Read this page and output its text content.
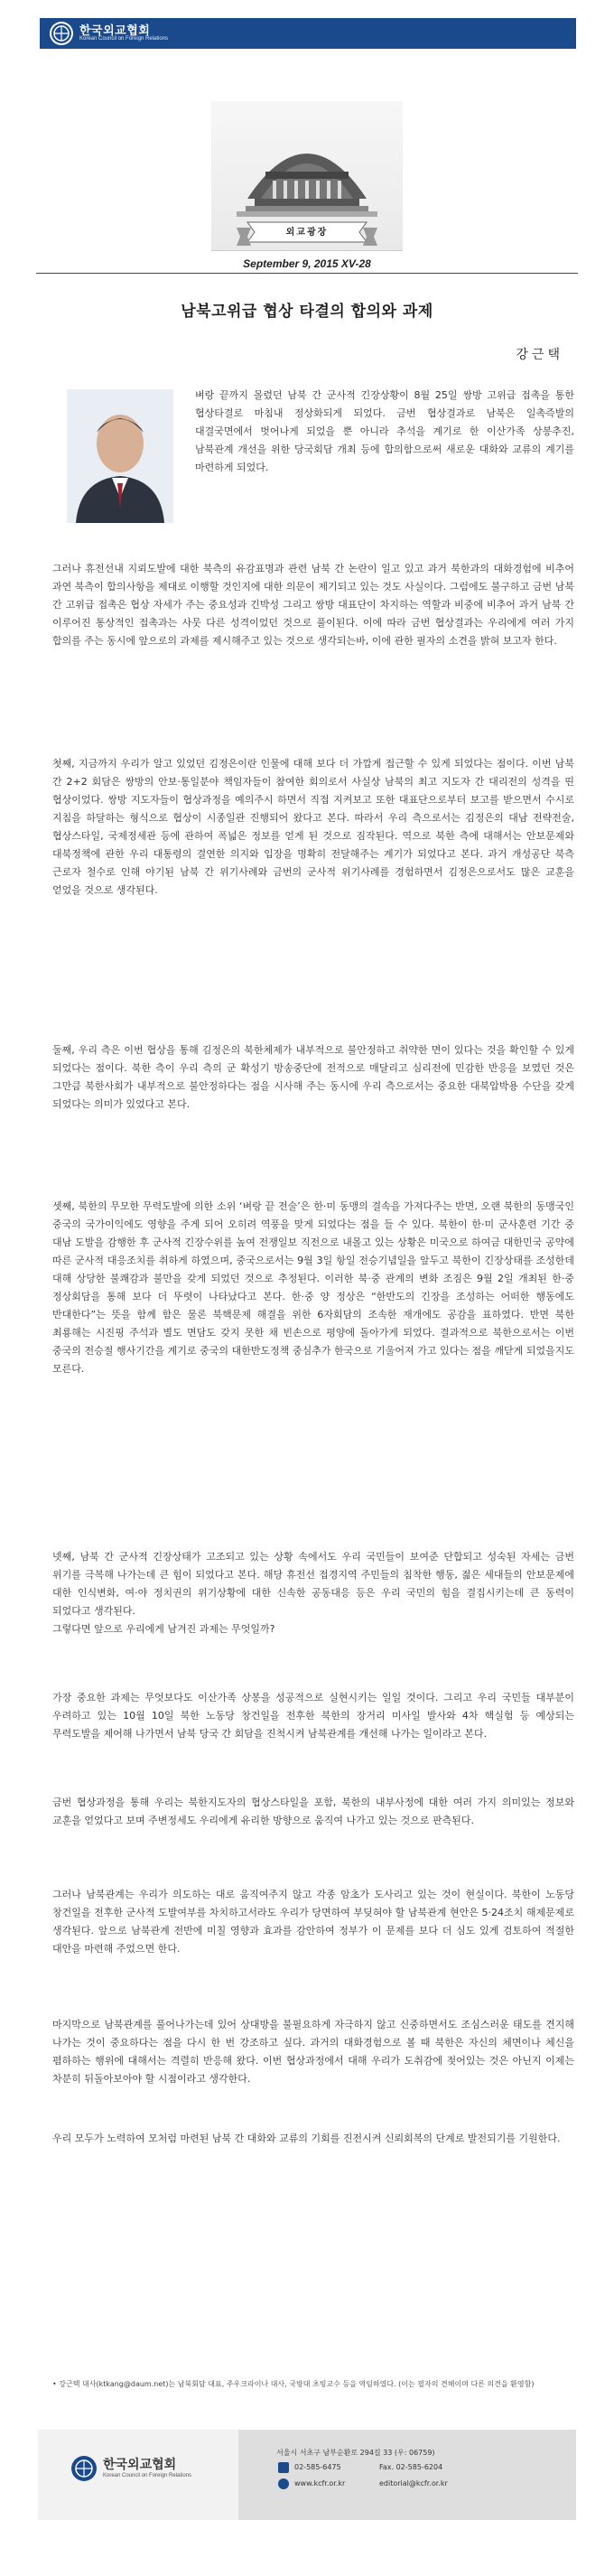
한국외교협회
Korean Council on Foreign Relations
외교광장
September 9, 2015 XV-28
남북고위급 협상 타결의 합의와 과제
강근택
벼랑 끝까지 몰렸던 남북 간 군사적 긴장상황이 8월 25일 쌍방 고위급 접촉을 통한 협상타결로 마침내 정상화되게 되었다. 금번 협상결과로 남북은 일촉즉발의 대결국면에서 벗어나게 되었을 뿐 아니라 추석을 계기로 한 이산가족 상봉추진, 남북관계 개선을 위한 당국회담 개최 등에 합의함으로써 새로운 대화와 교류의 계기를 마련하게 되었다.
그러나 휴전선내 지뢰도발에 대한 북측의 유감표명과 관련 남북 간 논란이 일고 있고 과거 북한과의 대화경험에 비추어 과연 북측이 합의사항을 제대로 이행할 것인지에 대한 의문이 제기되고 있는 것도 사실이다. 그럼에도 불구하고 금번 남북 간 고위급 접촉은 협상 자세가 주는 중요성과 긴박성 그리고 쌍방 대표단이 차지하는 역할과 비중에 비추어 과거 남북 간 이루어진 통상적인 접촉과는 사뭇 다른 성격이었던 것으로 풀이된다. 이에 따라 금번 협상결과는 우리에게 여러 가지 합의를 주는 동시에 앞으로의 과제를 제시해주고 있는 것으로 생각되는바, 이에 관한 필자의 소견을 밝혀 보고자 한다.
첫째, 지금까지 우리가 알고 있었던 김정은이란 인물에 대해 보다 더 가깝게 접근할 수 있게 되었다는 점이다. 이번 남북 간 2+2 회담은 쌍방의 안보·통일분야 책임자들이 참여한 회의로서 사실상 남북의 최고 지도자 간 대리전의 성격을 띤 협상이었다. 쌍방 지도자들이 협상과정을 예의주시 하면서 직접 지켜보고 또한 대표단으로부터 보고를 받으면서 수시로 지침을 하달하는 형식으로 협상이 시종일관 진행되어 왔다고 본다. 따라서 우리 측으로서는 김정은의 대남 전략전술, 협상스타일, 국제정세관 등에 관하여 폭넓은 정보를 얻게 된 것으로 짐작된다. 역으로 북한 측에 대해서는 안보문제와 대북정책에 관한 우리 대통령의 결연한 의지와 입장을 명확히 전달해주는 계기가 되었다고 본다. 과거 개성공단 북측 근로자 철수로 인해 야기된 남북 간 위기사례와 금번의 군사적 위기사례를 경험하면서 김정은으로서도 많은 교훈을 얻었을 것으로 생각된다.
둘째, 우리 측은 이번 협상을 통해 김정은의 북한체제가 내부적으로 불안정하고 취약한 면이 있다는 것을 확인할 수 있게 되었다는 점이다. 북한 측이 우리 측의 군 확성기 방송중단에 전적으로 매달리고 심리전에 민감한 반응을 보였던 것은 그만큼 북한사회가 내부적으로 불안정하다는 점을 시사해 주는 동시에 우리 측으로서는 중요한 대북압박용 수단을 갖게 되었다는 의미가 있었다고 본다.
셋째, 북한의 무모한 무력도발에 의한 소위 ‘벼랑 끝 전술’은 한·미 동맹의 결속을 가져다주는 반면, 오랜 북한의 동맹국인 중국의 국가이익에도 영향을 주게 되어 오히려 역풍을 맞게 되었다는 점을 들 수 있다. 북한이 한·미 군사훈련 기간 중 대남 도발을 감행한 후 군사적 긴장수위를 높여 전쟁일보 직전으로 내몰고 있는 상황은 미국으로 하여금 대한민국 공약에 따른 군사적 대응조치를 취하게 하였으며, 중국으로서는 9월 3일 항일 전승기념일을 앞두고 북한이 긴장상태를 조성한데 대해 상당한 불쾌감과 불만을 갖게 되었던 것으로 추정된다. 이러한 북·중 관계의 변화 조짐은 9월 2일 개최된 한·중 정상회담을 통해 보다 더 뚜렷이 나타났다고 본다. 한·중 양 정상은 “한반도의 긴장을 조성하는 어떠한 행동에도 반대한다”는 뜻을 함께 함은 물론 북핵문제 해결을 위한 6자회담의 조속한 재개에도 공감을 표하였다. 반면 북한 최룡해는 시진핑 주석과 별도 면담도 갖지 못한 채 빈손으로 평양에 돌아가게 되었다. 결과적으로 북한으로서는 이번 중국의 전승절 행사기간을 계기로 중국의 대한반도정책 중심추가 한국으로 기울어져 가고 있다는 점을 깨닫게 되었을지도 모른다.
넷째, 남북 간 군사적 긴장상태가 고조되고 있는 상황 속에서도 우리 국민들이 보여준 단합되고 성숙된 자세는 금번 위기를 극복해 나가는데 큰 힘이 되었다고 본다. 해당 휴전선 접경지역 주민들의 침착한 행동, 젊은 세대들의 안보문제에 대한 인식변화, 여·야 정치권의 위기상황에 대한 신속한 공동대응 등은 우리 국민의 힘을 결집시키는데 큰 동력이 되었다고 생각된다.
그렇다면 앞으로 우리에게 남겨진 과제는 무엇일까?
가장 중요한 과제는 무엇보다도 이산가족 상봉을 성공적으로 실현시키는 일일 것이다. 그리고 우리 국민들 대부분이 우려하고 있는 10월 10일 북한 노동당 창건일을 전후한 북한의 장거리 미사일 발사와 4차 핵실험 등 예상되는 무력도발을 제어해 나가면서 남북 당국 간 회담을 진척시켜 남북관계를 개선해 나가는 일이라고 본다.
금번 협상과정을 통해 우리는 북한지도자의 협상스타일을 포함, 북한의 내부사정에 대한 여러 가지 의미있는 정보와 교훈을 얻었다고 보며 주변정세도 우리에게 유리한 방향으로 움직여 나가고 있는 것으로 판측된다.
그러나 남북관계는 우리가 의도하는 대로 움직여주지 않고 각종 암초가 도사리고 있는 것이 현실이다. 북한이 노동당 창건일을 전후한 군사적 도발여부를 차치하고서라도 우리가 당면하여 부딪혀야 할 남북관계 현안은 5·24조치 해제문제로 생각된다. 앞으로 남북관계 전반에 미칠 영향과 효과를 감안하여 정부가 이 문제를 보다 더 심도 있게 검토하여 적절한 대안을 마련해 주었으면 한다.
마지막으로 남북관계를 풀어나가는데 있어 상대방을 불필요하게 자극하지 않고 신중하면서도 조심스러운 태도를 견지해 나가는 것이 중요하다는 점을 다시 한 번 강조하고 싶다. 과거의 대화경험으로 볼 때 북한은 자신의 체면이나 체신을 폄하하는 행위에 대해서는 격렬히 반응해 왔다. 이번 협상과정에서 대해 우리가 도취감에 젖어있는 것은 아닌지 이제는 차분히 뒤돌아보아야 할 시점이라고 생각한다.
우리 모두가 노력하여 모처럼 마련된 남북 간 대화와 교류의 기회를 진전시켜 신뢰회복의 단계로 발전되기를 기원한다.
• 강근택 대사(ktkang@daum.net)는 남북회담 대표, 주우크라이나 대사, 국방대 초빙교수 등을 역임하였다. (이는 필자의 견해이며 다른 의견을 환영함)
한국외교협회
Korean Council on Foreign Relations
서울시 서초구 남부순환로 294길 33 (우: 06759)
02-585-6475	Fax. 02-585-6204
www.kcfr.or.kr	editorial@kcfr.or.kr
